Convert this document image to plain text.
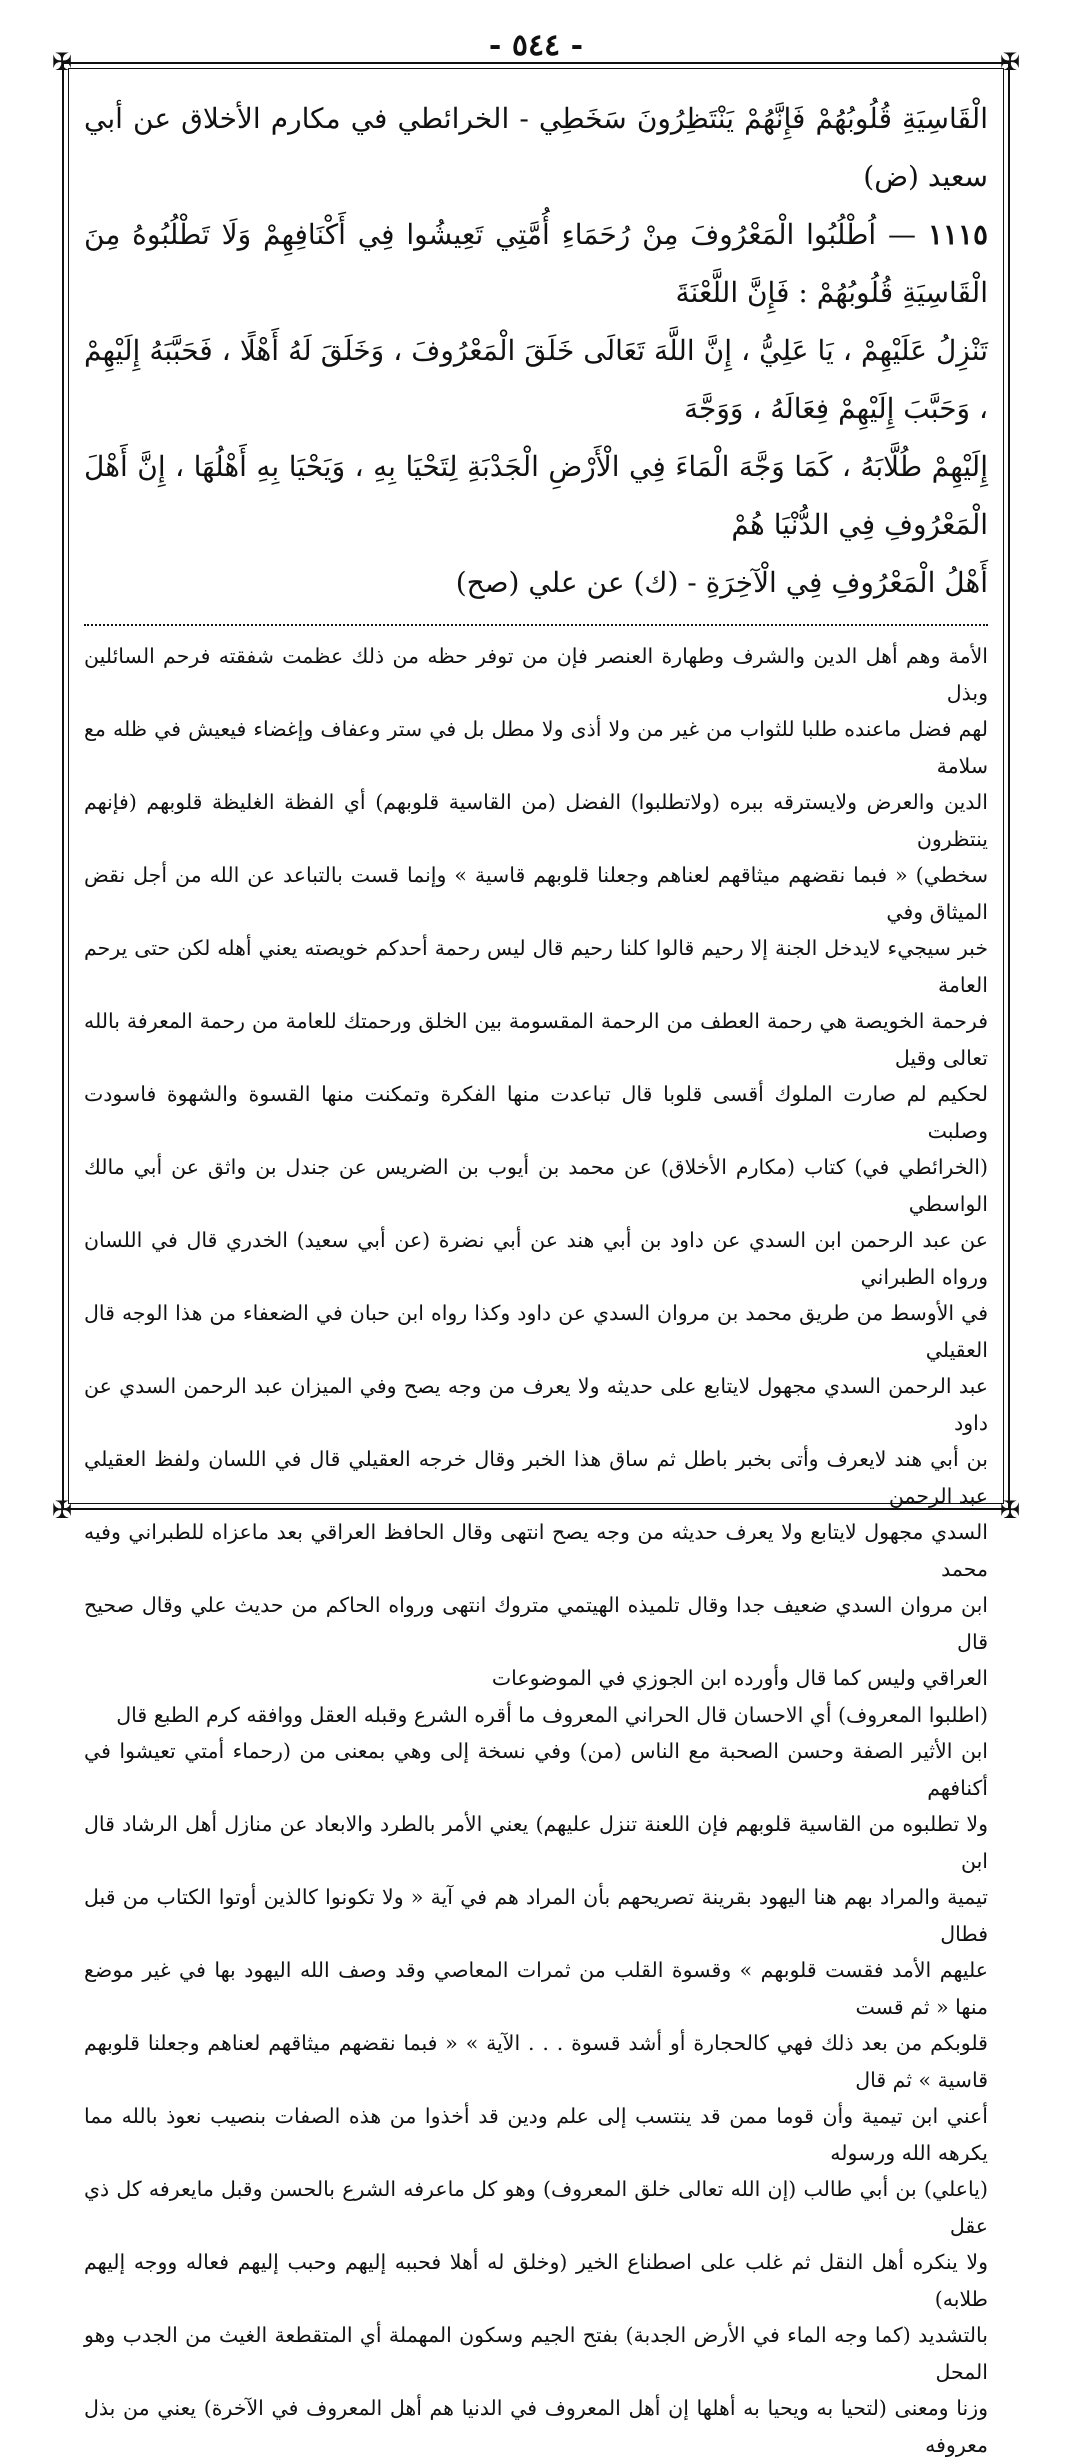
- ٥٤٤ -
✠	✠
✠	✠
الْقَاسِيَةِ قُلُوبُهُمْ فَإِنَّهُمْ يَنْتَظِرُونَ سَخَطِي - الخرائطي في مكارم الأخلاق عن أبي سعيد (ض)
١١١٥ — اُطْلُبُوا الْمَعْرُوفَ مِنْ رُحَمَاءِ أُمَّتِي تَعِيشُوا فِي أَكْنَافِهِمْ وَلَا تَطْلُبُوهُ مِنَ الْقَاسِيَةِ قُلُوبُهُمْ : فَإِنَّ اللَّعْنَةَ
تَنْزِلُ عَلَيْهِمْ ، يَا عَلِيُّ ، إِنَّ اللَّهَ تَعَالَى خَلَقَ الْمَعْرُوفَ ، وَخَلَقَ لَهُ أَهْلًا ، فَحَبَّبَهُ إِلَيْهِمْ ، وَحَبَّبَ إِلَيْهِمْ فِعَالَهُ ، وَوَجَّهَ
إِلَيْهِمْ طُلَّابَهُ ، كَمَا وَجَّهَ الْمَاءَ فِي الْأَرْضِ الْجَدْبَةِ لِتَحْيَا بِهِ ، وَيَحْيَا بِهِ أَهْلُهَا ، إِنَّ أَهْلَ الْمَعْرُوفِ فِي الدُّنْيَا هُمْ
أَهْلُ الْمَعْرُوفِ فِي الْآخِرَةِ - (ك) عن علي (صح)
الأمة وهم أهل الدين والشرف وطهارة العنصر فإن من توفر حظه من ذلك عظمت شفقته فرحم السائلين وبذل
لهم فضل ماعنده طلبا للثواب من غير من ولا أذى ولا مطل بل في ستر وعفاف وإغضاء فيعيش في ظله مع سلامة
الدين والعرض ولايسترقه ببره (ولاتطلبوا) الفضل (من القاسية قلوبهم) أي الفظة الغليظة قلوبهم (فإنهم ينتظرون
سخطي) « فبما نقضهم ميثاقهم لعناهم وجعلنا قلوبهم قاسية » وإنما قست بالتباعد عن الله من أجل نقض الميثاق وفي
خبر سيجيء لايدخل الجنة إلا رحيم قالوا كلنا رحيم قال ليس رحمة أحدكم خويصته يعني أهله لكن حتى يرحم العامة
فرحمة الخويصة هي رحمة العطف من الرحمة المقسومة بين الخلق ورحمتك للعامة من رحمة المعرفة بالله تعالى وقيل
لحكيم لم صارت الملوك أقسى قلوبا قال تباعدت منها الفكرة وتمكنت منها القسوة والشهوة فاسودت وصلبت
(الخرائطي في) كتاب (مكارم الأخلاق) عن محمد بن أيوب بن الضريس عن جندل بن واثق عن أبي مالك الواسطي
عن عبد الرحمن ابن السدي عن داود بن أبي هند عن أبي نضرة (عن أبي سعيد) الخدري قال في اللسان ورواه الطبراني
في الأوسط من طريق محمد بن مروان السدي عن داود وكذا رواه ابن حبان في الضعفاء من هذا الوجه قال العقيلي
عبد الرحمن السدي مجهول لايتابع على حديثه ولا يعرف من وجه يصح وفي الميزان عبد الرحمن السدي عن داود
بن أبي هند لايعرف وأتى بخبر باطل ثم ساق هذا الخبر وقال خرجه العقيلي قال في اللسان ولفظ العقيلي عبد الرحمن
السدي مجهول لايتابع ولا يعرف حديثه من وجه يصح انتهى وقال الحافظ العراقي بعد ماعزاه للطبراني وفيه محمد
ابن مروان السدي ضعيف جدا وقال تلميذه الهيتمي متروك انتهى ورواه الحاكم من حديث علي وقال صحيح قال
العراقي وليس كما قال وأورده ابن الجوزي في الموضوعات
(اطلبوا المعروف) أي الاحسان قال الحراني المعروف ما أقره الشرع وقبله العقل ووافقه كرم الطبع قال
ابن الأثير الصفة وحسن الصحبة مع الناس (من) وفي نسخة إلى وهي بمعنى من (رحماء أمتي تعيشوا في أكنافهم
ولا تطلبوه من القاسية قلوبهم فإن اللعنة تنزل عليهم) يعني الأمر بالطرد والابعاد عن منازل أهل الرشاد قال ابن
تيمية والمراد بهم هنا اليهود بقرينة تصريحهم بأن المراد هم في آية « ولا تكونوا كالذين أوتوا الكتاب من قبل فطال
عليهم الأمد فقست قلوبهم » وقسوة القلب من ثمرات المعاصي وقد وصف الله اليهود بها في غير موضع منها « ثم قست
قلوبكم من بعد ذلك فهي كالحجارة أو أشد قسوة . . . الآية » « فبما نقضهم ميثاقهم لعناهم وجعلنا قلوبهم قاسية » ثم قال
أعني ابن تيمية وأن قوما ممن قد ينتسب إلى علم ودين قد أخذوا من هذه الصفات بنصيب نعوذ بالله مما يكرهه الله ورسوله
(ياعلي) بن أبي طالب (إن الله تعالى خلق المعروف) وهو كل ماعرفه الشرع بالحسن وقبل مايعرفه كل ذي عقل
ولا ينكره أهل النقل ثم غلب على اصطناع الخير (وخلق له أهلا فحببه إليهم وحبب إليهم فعاله ووجه إليهم طلابه)
بالتشديد (كما وجه الماء في الأرض الجدبة) بفتح الجيم وسكون المهملة أي المتقطعة الغيث من الجدب وهو المحل
وزنا ومعنى (لتحيا به ويحيا به أهلها إن أهل المعروف في الدنيا هم أهل المعروف في الآخرة) يعني من بذل معروفه
